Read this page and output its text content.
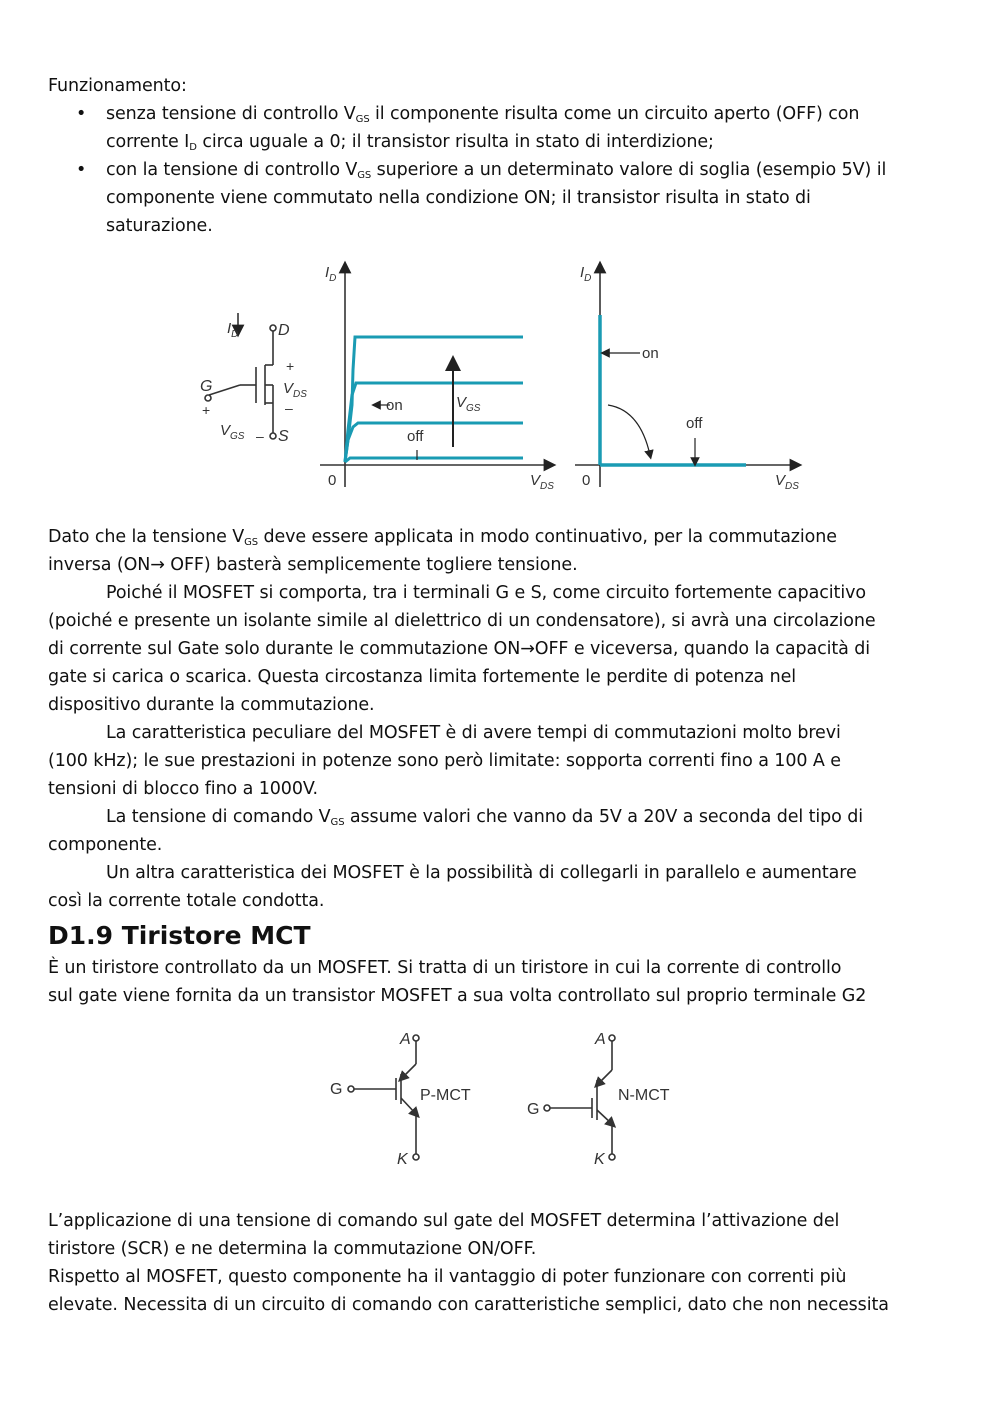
Funzionamento:
• senza tensione di controllo $V_{GS}$ il componente risulta come un circuito aperto (OFF) con
corrente $I_D$ circa uguale a 0; il transistor risulta in stato di interdizione;
• con la tensione di controllo $V_{GS}$ superiore a un determinato valore di soglia (esempio 5V) il
componente viene commutato nella condizione ON; il transistor risulta in stato di
saturazione.
$I_D$ D
G
+
+
$V_{DS}$
–
$V_{GS}$ – S
$I_D$
$V_{DS}$
0
on
off
$V_{GS}$
$I_D$
$V_{DS}$
0
on
off
Dato che la tensione $V_{GS}$ deve essere applicata in modo continuativo, per la commutazione
inversa (ON→ OFF) basterà semplicemente togliere tensione.
Poiché il MOSFET si comporta, tra i terminali G e S, come circuito fortemente capacitivo
(poiché e presente un isolante simile al dielettrico di un condensatore), si avrà una circolazione
di corrente sul Gate solo durante le commutazione ON→OFF e viceversa, quando la capacità di
gate si carica o scarica. Questa circostanza limita fortemente le perdite di potenza nel
dispositivo durante la commutazione.
La caratteristica peculiare del MOSFET è di avere tempi di commutazioni molto brevi
(100 kHz); le sue prestazioni in potenze sono però limitate: sopporta correnti fino a 100 A e
tensioni di blocco fino a 1000V.
La tensione di comando $V_{GS}$ assume valori che vanno da 5V a 20V a seconda del tipo di
componente.
Un altra caratteristica dei MOSFET è la possibilità di collegarli in parallelo e aumentare
così la corrente totale condotta.
D1.9 Tiristore MCT
È un tiristore controllato da un MOSFET. Si tratta di un tiristore in cui la corrente di controllo
sul gate viene fornita da un transistor MOSFET a sua volta controllato sul proprio terminale G2
A
G	P-MCT
K
A
G
N-MCT
K
L’applicazione di una tensione di comando sul gate del MOSFET determina l’attivazione del
tiristore (SCR) e ne determina la commutazione ON/OFF.
Rispetto al MOSFET, questo componente ha il vantaggio di poter funzionare con correnti più
elevate. Necessita di un circuito di comando con caratteristiche semplici, dato che non necessita
